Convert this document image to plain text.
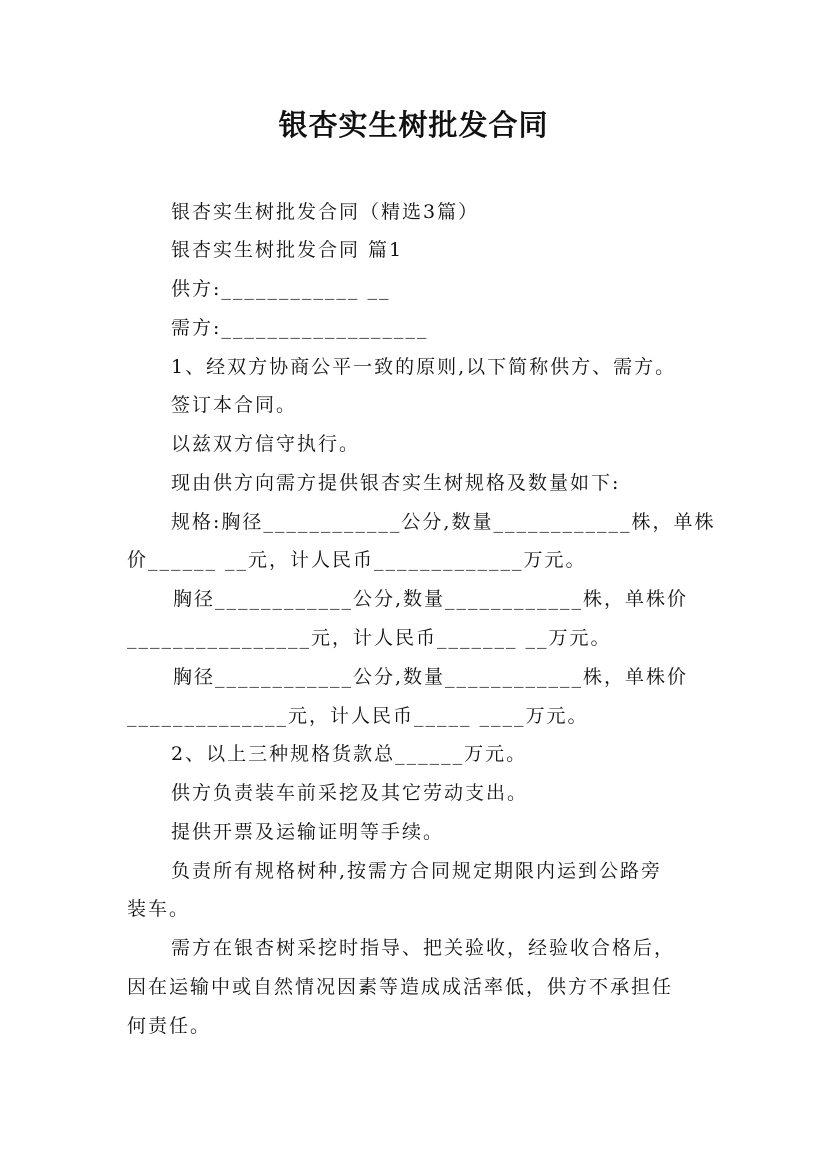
银杏实生树批发合同
银杏实生树批发合同（精选3篇）
银杏实生树批发合同 篇1
供方:____________ __
需方:__________________
1、经双方协商公平一致的原则,以下简称供方、需方。
签订本合同。
以兹双方信守执行。
现由供方向需方提供银杏实生树规格及数量如下:
规格:胸径____________公分,数量____________株，单株
价______ __元，计人民币_____________万元。
胸径____________公分,数量____________株，单株价
________________元，计人民币_______ __万元。
胸径____________公分,数量____________株，单株价
______________元，计人民币_____ ____万元。
2、以上三种规格货款总______万元。
供方负责装车前采挖及其它劳动支出。
提供开票及运输证明等手续。
负责所有规格树种,按需方合同规定期限内运到公路旁
装车。
需方在银杏树采挖时指导、把关验收，经验收合格后，
因在运输中或自然情况因素等造成成活率低，供方不承担任
何责任。
